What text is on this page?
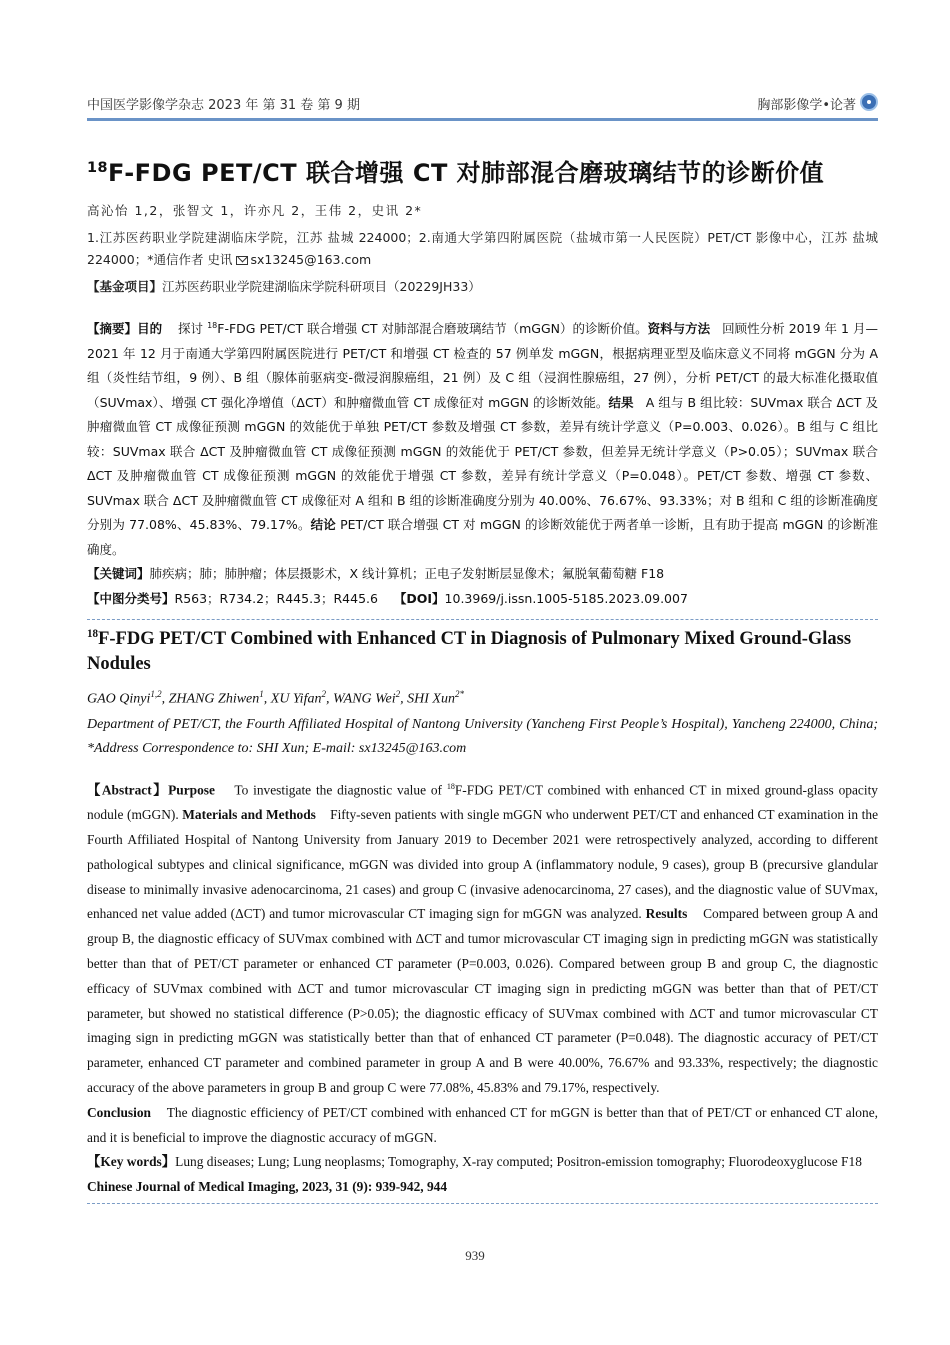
中国医学影像学杂志 2023 年 第 31 卷 第 9 期	胸部影像学•论著
$^{18}$F-FDG PET/CT 联合增强 CT 对肺部混合磨玻璃结节的诊断价值
高沁怡 1,2，张智文 1，许亦凡 2，王伟 2，史讯 2*
1.江苏医药职业学院建湖临床学院，江苏 盐城 224000；2.南通大学第四附属医院（盐城市第一人民医院）PET/CT 影像中心，江苏 盐城 224000；*通信作者 史讯 sx13245@163.com
【基金项目】江苏医药职业学院建湖临床学院科研项目（20229JH33）
【摘要】目的 探讨 $^{18}$F-FDG PET/CT 联合增强 CT 对肺部混合磨玻璃结节（mGGN）的诊断价值。资料与方法 回顾性分析 2019 年 1 月—2021 年 12 月于南通大学第四附属医院进行 PET/CT 和增强 CT 检查的 57 例单发 mGGN，根据病理亚型及临床意义不同将 mGGN 分为 A 组（炎性结节组，9 例）、B 组（腺体前驱病变-微浸润腺癌组，21 例）及 C 组（浸润性腺癌组，27 例），分析 PET/CT 的最大标准化摄取值（SUVmax）、增强 CT 强化净增值（ΔCT）和肿瘤微血管 CT 成像征对 mGGN 的诊断效能。结果 A 组与 B 组比较：SUVmax 联合 ΔCT 及肿瘤微血管 CT 成像征预测 mGGN 的效能优于单独 PET/CT 参数及增强 CT 参数，差异有统计学意义（P=0.003、0.026）。B 组与 C 组比较：SUVmax 联合 ΔCT 及肿瘤微血管 CT 成像征预测 mGGN 的效能优于 PET/CT 参数，但差异无统计学意义（P>0.05）；SUVmax 联合 ΔCT 及肿瘤微血管 CT 成像征预测 mGGN 的效能优于增强 CT 参数，差异有统计学意义（P=0.048）。PET/CT 参数、增强 CT 参数、SUVmax 联合 ΔCT 及肿瘤微血管 CT 成像征对 A 组和 B 组的诊断准确度分别为 40.00%、76.67%、93.33%；对 B 组和 C 组的诊断准确度分别为 77.08%、45.83%、79.17%。结论 PET/CT 联合增强 CT 对 mGGN 的诊断效能优于两者单一诊断，且有助于提高 mGGN 的诊断准确度。
【关键词】肺疾病；肺；肺肿瘤；体层摄影术，X 线计算机；正电子发射断层显像术；氟脱氧葡萄糖 F18
【中图分类号】R563；R734.2；R445.3；R445.6 【DOI】10.3969/j.issn.1005-5185.2023.09.007
$^{18}$F-FDG PET/CT Combined with Enhanced CT in Diagnosis of Pulmonary Mixed Ground-Glass Nodules
GAO Qinyi$^{1,2}$, ZHANG Zhiwen$^1$, XU Yifan$^2$, WANG Wei$^2$, SHI Xun$^{2*}$
Department of PET/CT, the Fourth Affiliated Hospital of Nantong University (Yancheng First People’s Hospital), Yancheng 224000, China; *Address Correspondence to: SHI Xun; E-mail: sx13245@163.com
【Abstract】Purpose To investigate the diagnostic value of $^{18}$F-FDG PET/CT combined with enhanced CT in mixed ground-glass opacity nodule (mGGN). Materials and Methods Fifty-seven patients with single mGGN who underwent PET/CT and enhanced CT examination in the Fourth Affiliated Hospital of Nantong University from January 2019 to December 2021 were retrospectively analyzed, according to different pathological subtypes and clinical significance, mGGN was divided into group A (inflammatory nodule, 9 cases), group B (precursive glandular disease to minimally invasive adenocarcinoma, 21 cases) and group C (invasive adenocarcinoma, 27 cases), and the diagnostic value of SUVmax, enhanced net value added (ΔCT) and tumor microvascular CT imaging sign for mGGN was analyzed. Results Compared between group A and group B, the diagnostic efficacy of SUVmax combined with ΔCT and tumor microvascular CT imaging sign in predicting mGGN was statistically better than that of PET/CT parameter or enhanced CT parameter (P=0.003, 0.026). Compared between group B and group C, the diagnostic efficacy of SUVmax combined with ΔCT and tumor microvascular CT imaging sign in predicting mGGN was better than that of PET/CT parameter, but showed no statistical difference (P>0.05); the diagnostic efficacy of SUVmax combined with ΔCT and tumor microvascular CT imaging sign in predicting mGGN was statistically better than that of enhanced CT parameter (P=0.048). The diagnostic accuracy of PET/CT parameter, enhanced CT parameter and combined parameter in group A and B were 40.00%, 76.67% and 93.33%, respectively; the diagnostic accuracy of the above parameters in group B and group C were 77.08%, 45.83% and 79.17%, respectively.
Conclusion The diagnostic efficiency of PET/CT combined with enhanced CT for mGGN is better than that of PET/CT or enhanced CT alone, and it is beneficial to improve the diagnostic accuracy of mGGN.
【Key words】Lung diseases; Lung; Lung neoplasms; Tomography, X-ray computed; Positron-emission tomography; Fluorodeoxyglucose F18
Chinese Journal of Medical Imaging, 2023, 31 (9): 939-942, 944
939
